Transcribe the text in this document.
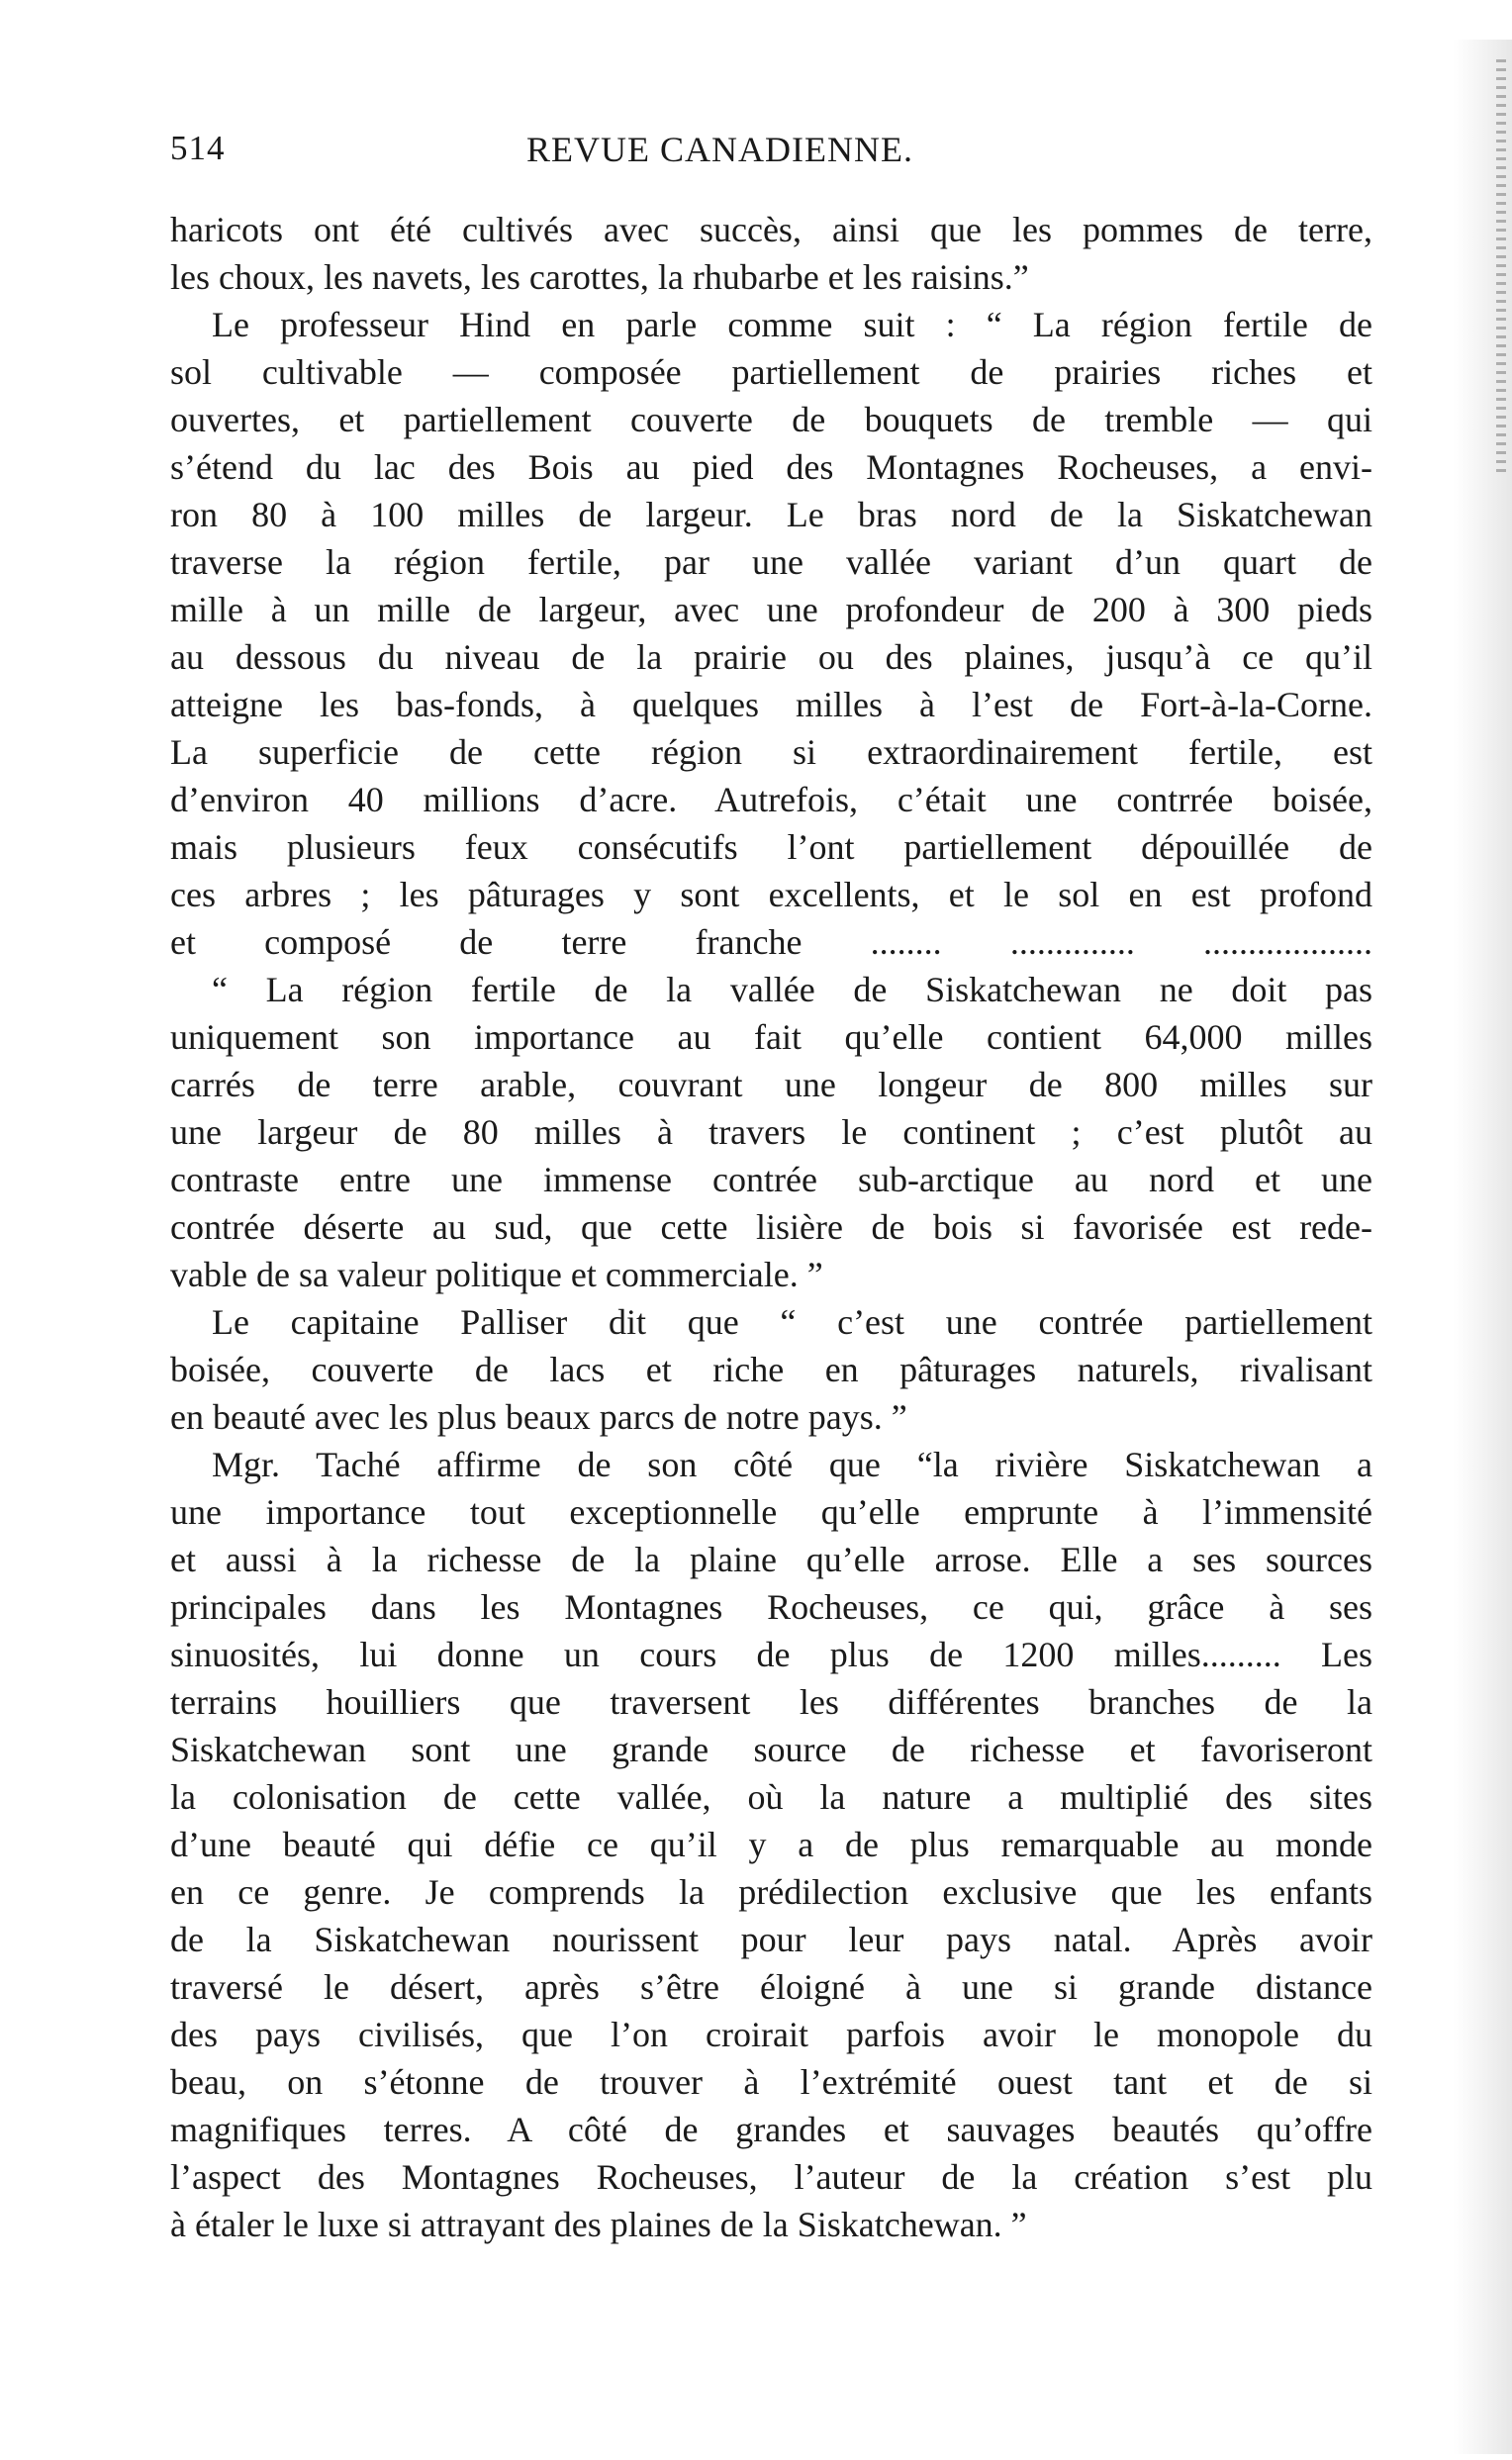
514	REVUE CANADIENNE.
haricots ont été cultivés avec succès, ainsi que les pommes de terre,
les choux, les navets, les carottes, la rhubarbe et les raisins.”
Le professeur Hind en parle comme suit : “ La région fertile de
sol cultivable — composée partiellement de prairies riches et
ouvertes, et partiellement couverte de bouquets de tremble — qui
s’étend du lac des Bois au pied des Montagnes Rocheuses, a envi-
ron 80 à 100 milles de largeur. Le bras nord de la Siskatchewan
traverse la région fertile, par une vallée variant d’un quart de
mille à un mille de largeur, avec une profondeur de 200 à 300 pieds
au dessous du niveau de la prairie ou des plaines, jusqu’à ce qu’il
atteigne les bas-fonds, à quelques milles à l’est de Fort-à-la-Corne.
La superficie de cette région si extraordinairement fertile, est
d’environ 40 millions d’acre. Autrefois, c’était une contrrée boisée,
mais plusieurs feux consécutifs l’ont partiellement dépouillée de
ces arbres ; les pâturages y sont excellents, et le sol en est profond
et composé de terre franche ........ .............. ...................
“ La région fertile de la vallée de Siskatchewan ne doit pas
uniquement son importance au fait qu’elle contient 64,000 milles
carrés de terre arable, couvrant une longeur de 800 milles sur
une largeur de 80 milles à travers le continent ; c’est plutôt au
contraste entre une immense contrée sub-arctique au nord et une
contrée déserte au sud, que cette lisière de bois si favorisée est rede-
vable de sa valeur politique et commerciale. ”
Le capitaine Palliser dit que “ c’est une contrée partiellement
boisée, couverte de lacs et riche en pâturages naturels, rivalisant
en beauté avec les plus beaux parcs de notre pays. ”
Mgr. Taché affirme de son côté que “la rivière Siskatchewan a
une importance tout exceptionnelle qu’elle emprunte à l’immensité
et aussi à la richesse de la plaine qu’elle arrose. Elle a ses sources
principales dans les Montagnes Rocheuses, ce qui, grâce à ses
sinuosités, lui donne un cours de plus de 1200 milles......... Les
terrains houilliers que traversent les différentes branches de la
Siskatchewan sont une grande source de richesse et favoriseront
la colonisation de cette vallée, où la nature a multiplié des sites
d’une beauté qui défie ce qu’il y a de plus remarquable au monde
en ce genre. Je comprends la prédilection exclusive que les enfants
de la Siskatchewan nourissent pour leur pays natal. Après avoir
traversé le désert, après s’être éloigné à une si grande distance
des pays civilisés, que l’on croirait parfois avoir le monopole du
beau, on s’étonne de trouver à l’extrémité ouest tant et de si
magnifiques terres. A côté de grandes et sauvages beautés qu’offre
l’aspect des Montagnes Rocheuses, l’auteur de la création s’est plu
à étaler le luxe si attrayant des plaines de la Siskatchewan. ”
